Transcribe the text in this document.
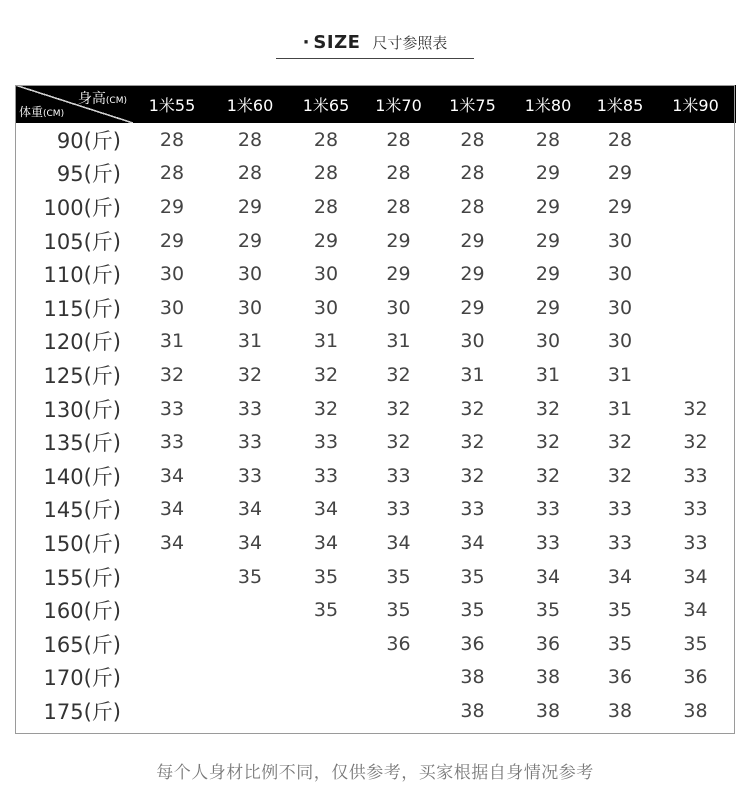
· SIZE 尺寸参照表
身高(CM)
体重(CM)	1米55	1米60	1米65	1米70	1米75	1米80	1米85	1米90
90(斤)	28	28	28	28	28	28	28	
95(斤)	28	28	28	28	28	29	29	
100(斤)	29	29	28	28	28	29	29	
105(斤)	29	29	29	29	29	29	30	
110(斤)	30	30	30	29	29	29	30	
115(斤)	30	30	30	30	29	29	30	
120(斤)	31	31	31	31	30	30	30	
125(斤)	32	32	32	32	31	31	31	
130(斤)	33	33	32	32	32	32	31	32
135(斤)	33	33	33	32	32	32	32	32
140(斤)	34	33	33	33	32	32	32	33
145(斤)	34	34	34	33	33	33	33	33
150(斤)	34	34	34	34	34	33	33	33
155(斤)		35	35	35	35	34	34	34
160(斤)			35	35	35	35	35	34
165(斤)				36	36	36	35	35
170(斤)					38	38	36	36
175(斤)					38	38	38	38
每个人身材比例不同，仅供参考，买家根据自身情况参考
